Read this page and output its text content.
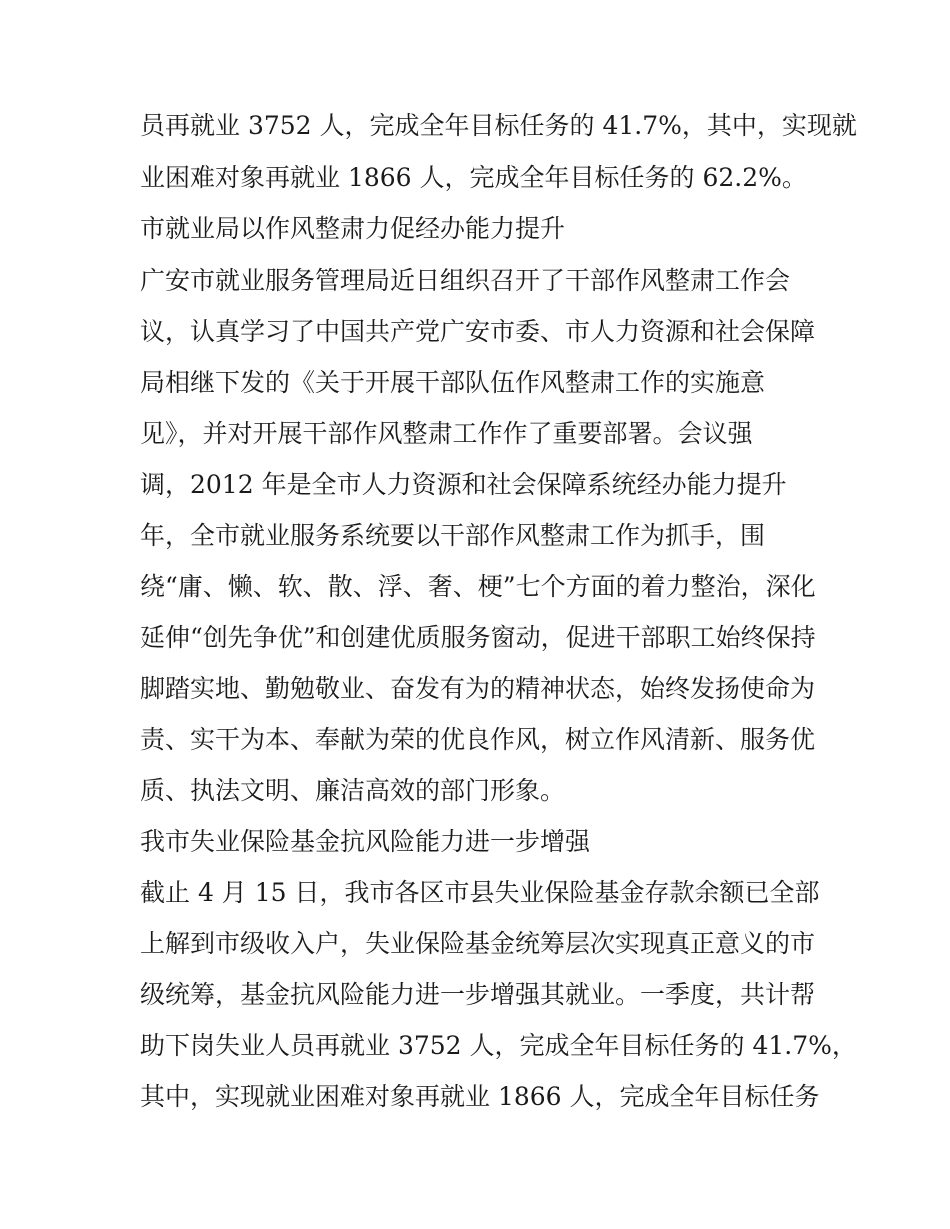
员再就业 3752 人，完成全年目标任务的 41.7%，其中，实现就
业困难对象再就业 1866 人，完成全年目标任务的 62.2%。
市就业局以作风整肃力促经办能力提升
广安市就业服务管理局近日组织召开了干部作风整肃工作会
议，认真学习了中国共产党广安市委、市人力资源和社会保障
局相继下发的《关于开展干部队伍作风整肃工作的实施意
见》，并对开展干部作风整肃工作作了重要部署。会议强
调，2012 年是全市人力资源和社会保障系统经办能力提升
年，全市就业服务系统要以干部作风整肃工作为抓手，围
绕“庸、懒、软、散、浮、奢、梗”七个方面的着力整治，深化
延伸“创先争优”和创建优质服务窗动，促进干部职工始终保持
脚踏实地、勤勉敬业、奋发有为的精神状态，始终发扬使命为
责、实干为本、奉献为荣的优良作风，树立作风清新、服务优
质、执法文明、廉洁高效的部门形象。
我市失业保险基金抗风险能力进一步增强
截止 4 月 15 日，我市各区市县失业保险基金存款余额已全部
上解到市级收入户，失业保险基金统筹层次实现真正意义的市
级统筹，基金抗风险能力进一步增强其就业。一季度，共计帮
助下岗失业人员再就业 3752 人，完成全年目标任务的 41.7%，
其中，实现就业困难对象再就业 1866 人，完成全年目标任务
